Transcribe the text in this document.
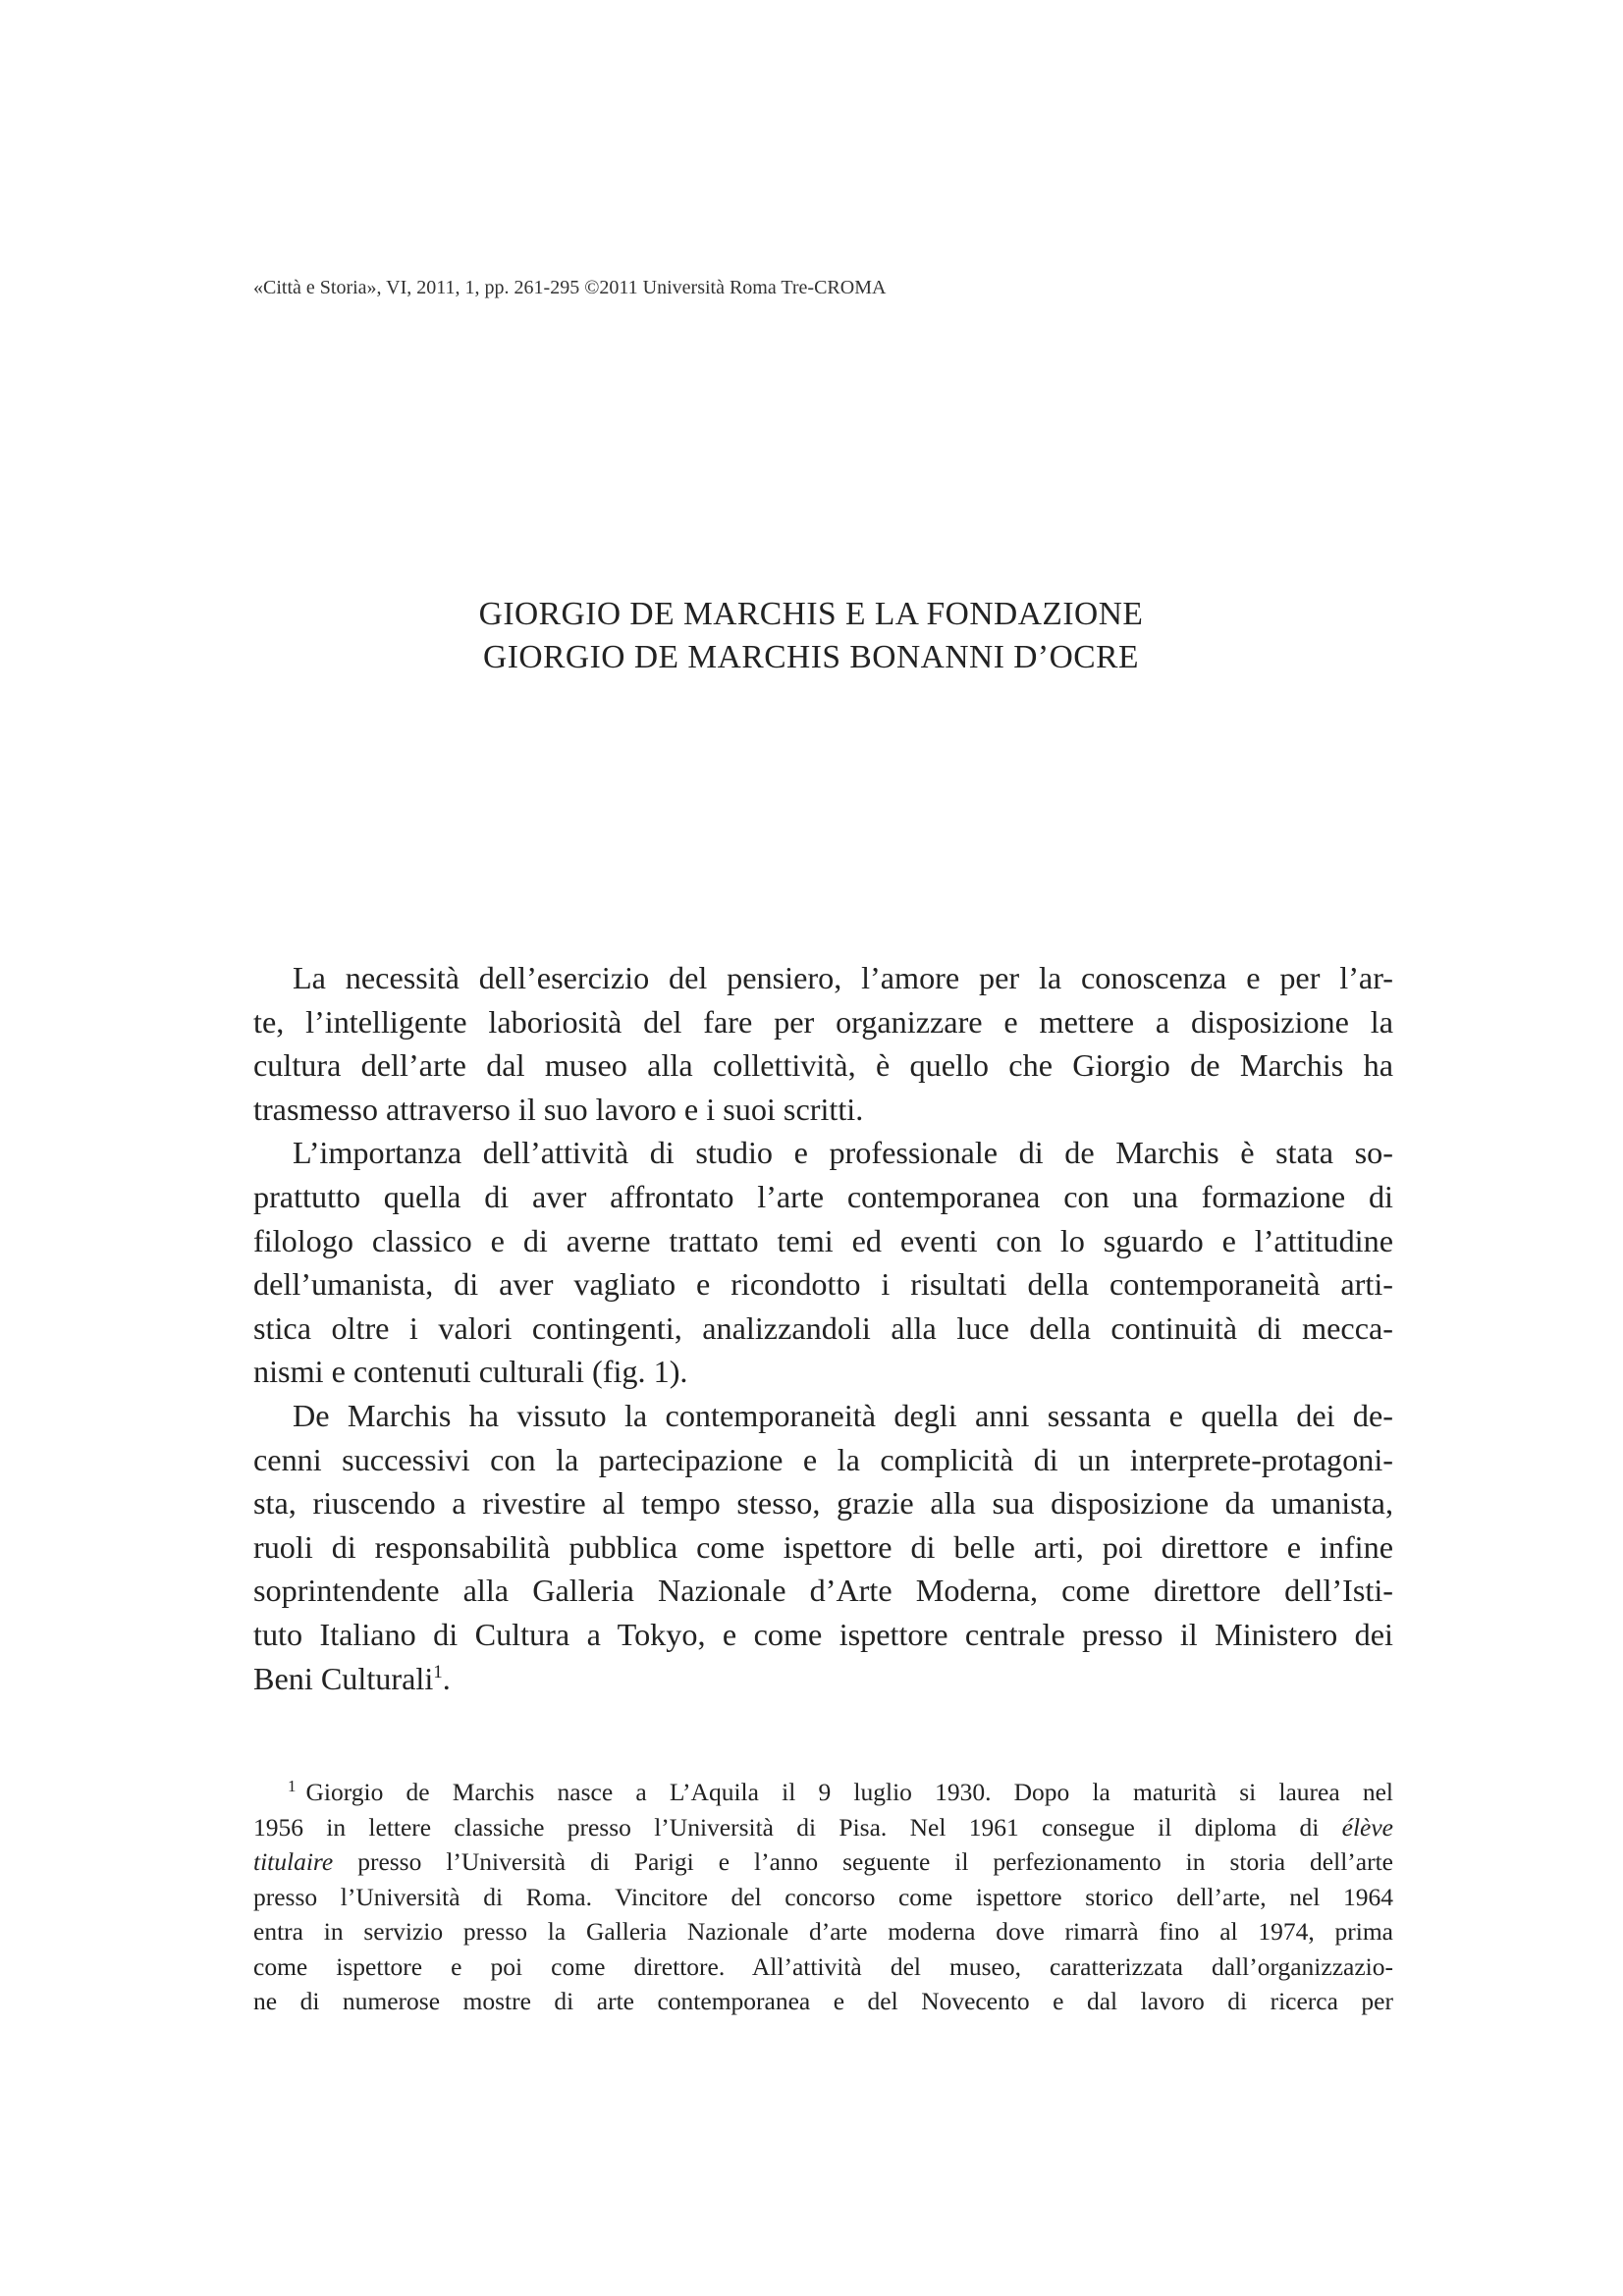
«Città e Storia», VI, 2011, 1, pp. 261-295 ©2011 Università Roma Tre-CROMA
GIORGIO DE MARCHIS E LA FONDAZIONE
GIORGIO DE MARCHIS BONANNI D’OCRE
La necessità dell’esercizio del pensiero, l’amore per la conoscenza e per l’ar-
te, l’intelligente laboriosità del fare per organizzare e mettere a disposizione la
cultura dell’arte dal museo alla collettività, è quello che Giorgio de Marchis ha
trasmesso attraverso il suo lavoro e i suoi scritti.
L’importanza dell’attività di studio e professionale di de Marchis è stata so-
prattutto quella di aver affrontato l’arte contemporanea con una formazione di
filologo classico e di averne trattato temi ed eventi con lo sguardo e l’attitudine
dell’umanista, di aver vagliato e ricondotto i risultati della contemporaneità arti-
stica oltre i valori contingenti, analizzandoli alla luce della continuità di mecca-
nismi e contenuti culturali (fig. 1).
De Marchis ha vissuto la contemporaneità degli anni sessanta e quella dei de-
cenni successivi con la partecipazione e la complicità di un interprete-protagoni-
sta, riuscendo a rivestire al tempo stesso, grazie alla sua disposizione da umanista,
ruoli di responsabilità pubblica come ispettore di belle arti, poi direttore e infine
soprintendente alla Galleria Nazionale d’Arte Moderna, come direttore dell’Isti-
tuto Italiano di Cultura a Tokyo, e come ispettore centrale presso il Ministero dei
Beni Culturali$^1$.
$^1$ Giorgio de Marchis nasce a L’Aquila il 9 luglio 1930. Dopo la maturità si laurea nel
1956 in lettere classiche presso l’Università di Pisa. Nel 1961 consegue il diploma di élève
titulaire presso l’Università di Parigi e l’anno seguente il perfezionamento in storia dell’arte
presso l’Università di Roma. Vincitore del concorso come ispettore storico dell’arte, nel 1964
entra in servizio presso la Galleria Nazionale d’arte moderna dove rimarrà fino al 1974, prima
come ispettore e poi come direttore. All’attività del museo, caratterizzata dall’organizzazio-
ne di numerose mostre di arte contemporanea e del Novecento e dal lavoro di ricerca per
